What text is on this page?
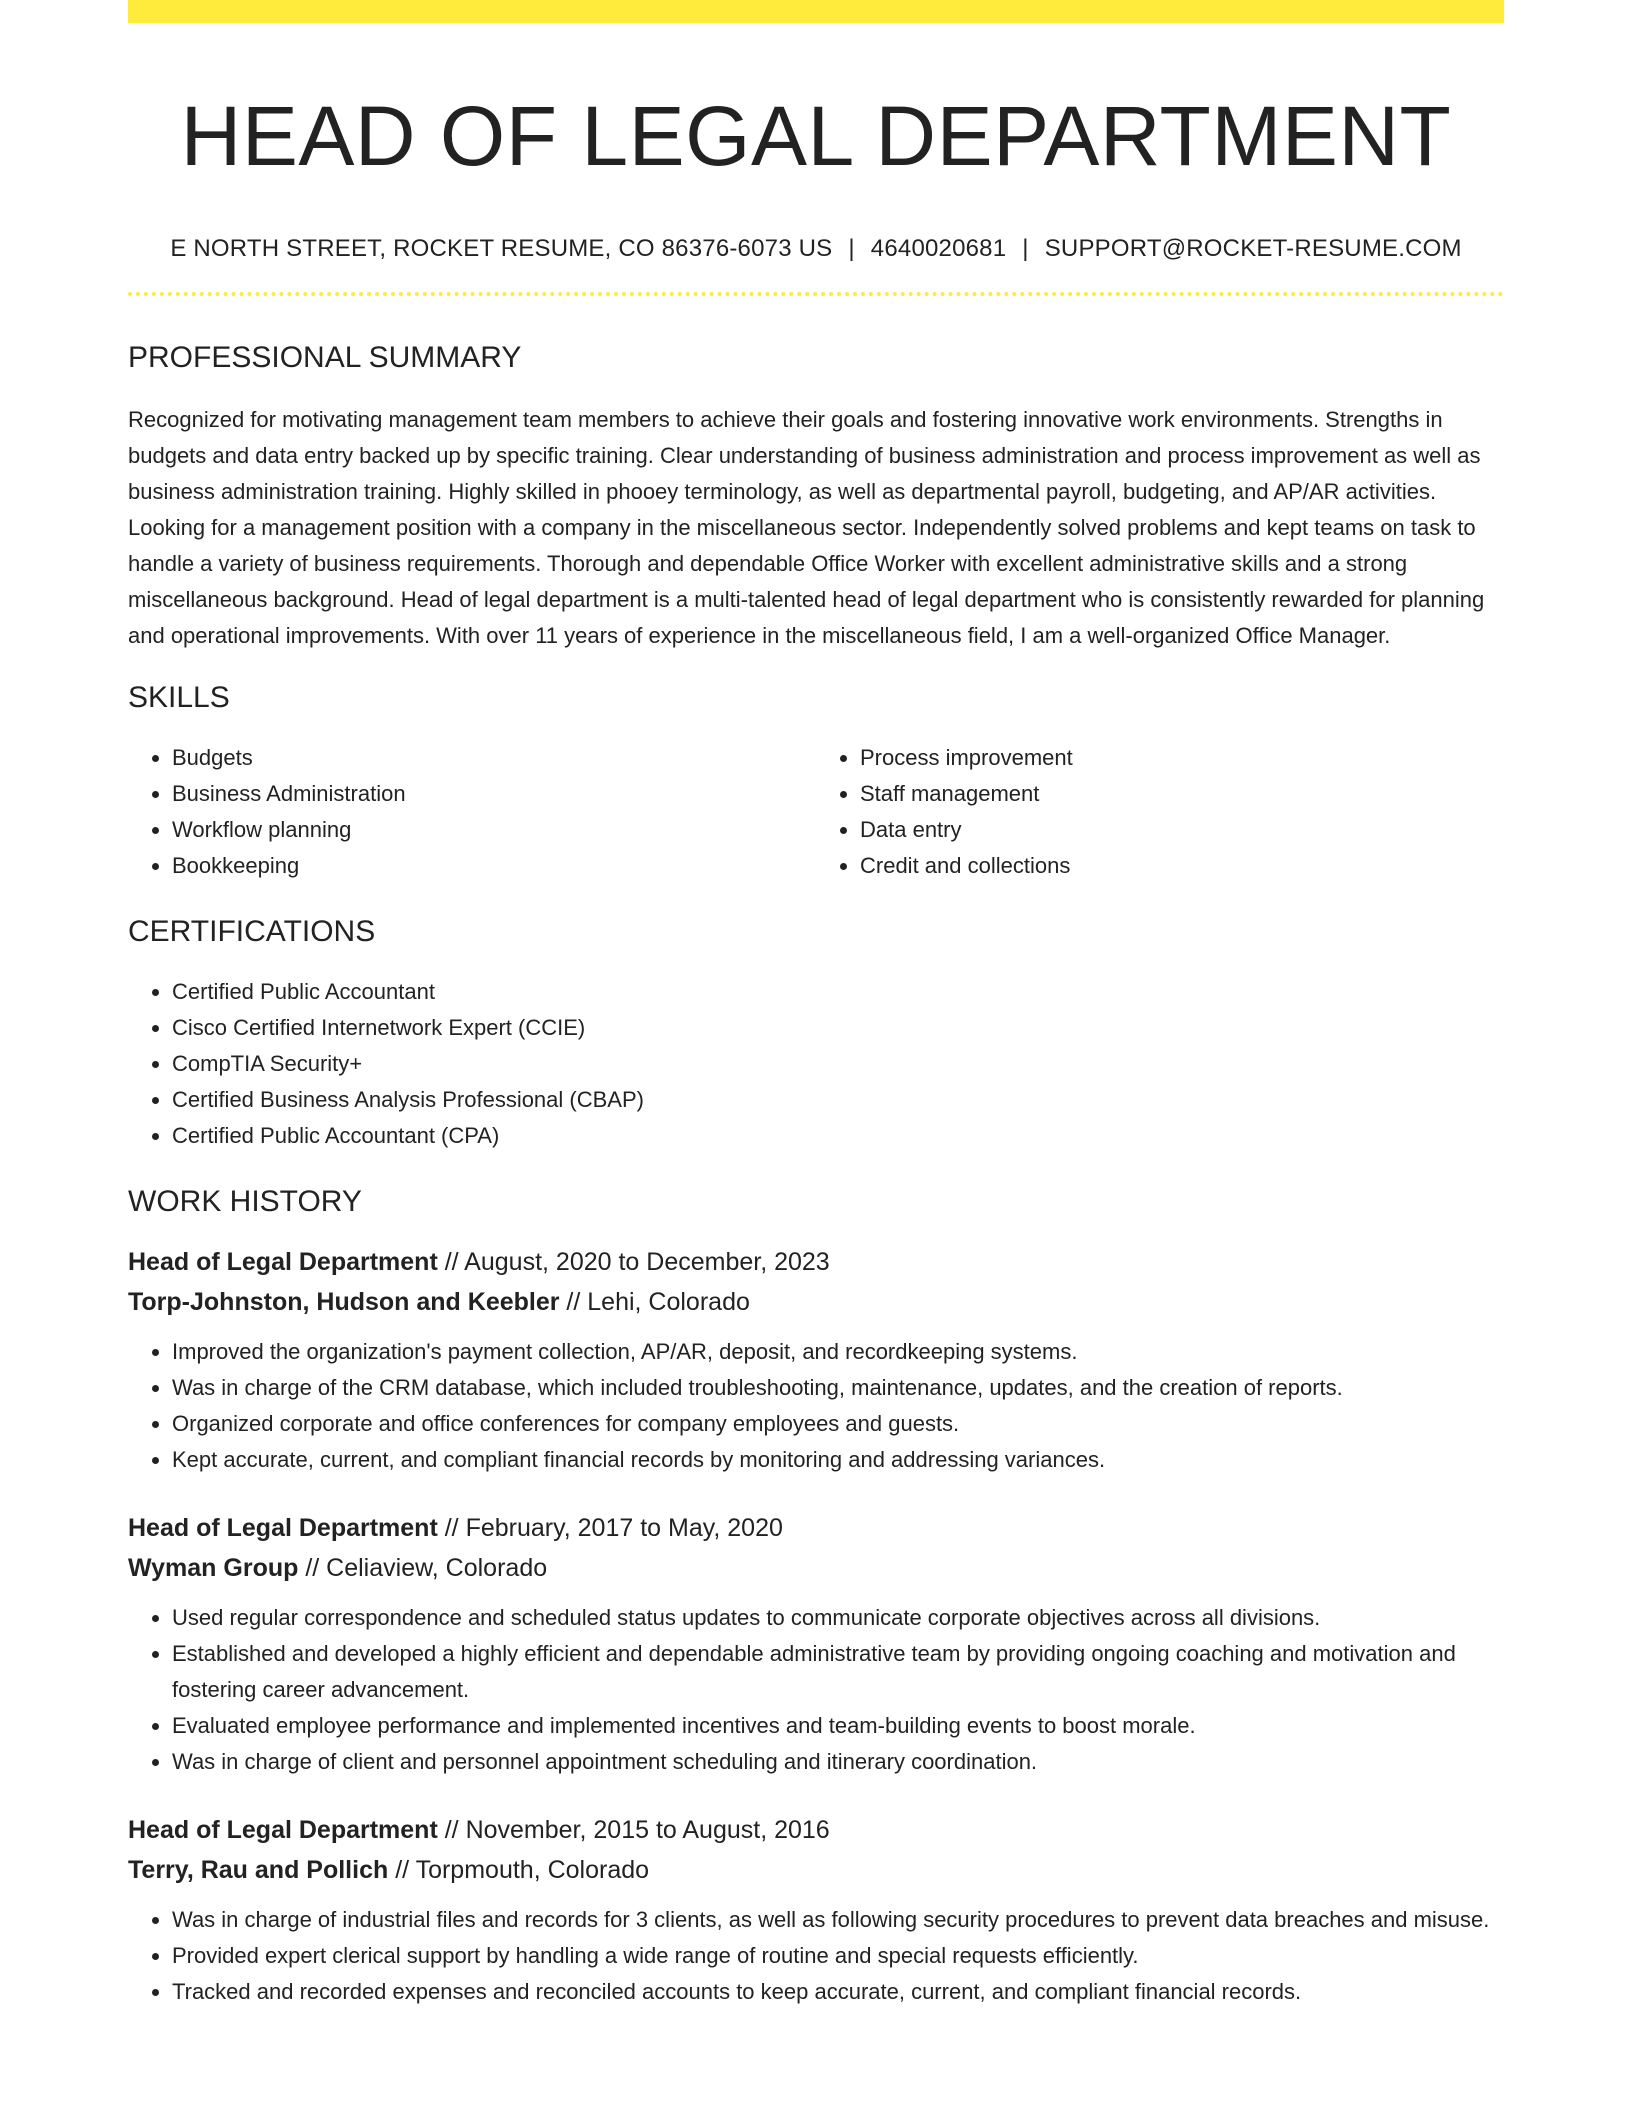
HEAD OF LEGAL DEPARTMENT
E NORTH STREET, ROCKET RESUME, CO 86376-6073 US | 4640020681 | SUPPORT@ROCKET-RESUME.COM
PROFESSIONAL SUMMARY

Recognized for motivating management team members to achieve their goals and fostering innovative work environments. Strengths in budgets and data entry backed up by specific training. Clear understanding of business administration and process improvement as well as business administration training. Highly skilled in phooey terminology, as well as departmental payroll, budgeting, and AP/AR activities. Looking for a management position with a company in the miscellaneous sector. Independently solved problems and kept teams on task to handle a variety of business requirements. Thorough and dependable Office Worker with excellent administrative skills and a strong miscellaneous background. Head of legal department is a multi-talented head of legal department who is consistently rewarded for planning and operational improvements. With over 11 years of experience in the miscellaneous field, I am a well-organized Office Manager.

SKILLS
• Budgets
• Business Administration
• Workflow planning
• Bookkeeping
• Process improvement
• Staff management
• Data entry
• Credit and collections
CERTIFICATIONS
• Certified Public Accountant
• Cisco Certified Internetwork Expert (CCIE)
• CompTIA Security+
• Certified Business Analysis Professional (CBAP)
• Certified Public Accountant (CPA)
WORK HISTORY
Head of Legal Department // August, 2020 to December, 2023
Torp-Johnston, Hudson and Keebler // Lehi, Colorado
• Improved the organization's payment collection, AP/AR, deposit, and recordkeeping systems.
• Was in charge of the CRM database, which included troubleshooting, maintenance, updates, and the creation of reports.
• Organized corporate and office conferences for company employees and guests.
• Kept accurate, current, and compliant financial records by monitoring and addressing variances.
Head of Legal Department // February, 2017 to May, 2020
Wyman Group // Celiaview, Colorado
• Used regular correspondence and scheduled status updates to communicate corporate objectives across all divisions.
• Established and developed a highly efficient and dependable administrative team by providing ongoing coaching and motivation and fostering career advancement.
• Evaluated employee performance and implemented incentives and team-building events to boost morale.
• Was in charge of client and personnel appointment scheduling and itinerary coordination.
Head of Legal Department // November, 2015 to August, 2016
Terry, Rau and Pollich // Torpmouth, Colorado
• Was in charge of industrial files and records for 3 clients, as well as following security procedures to prevent data breaches and misuse.
• Provided expert clerical support by handling a wide range of routine and special requests efficiently.
• Tracked and recorded expenses and reconciled accounts to keep accurate, current, and compliant financial records.
